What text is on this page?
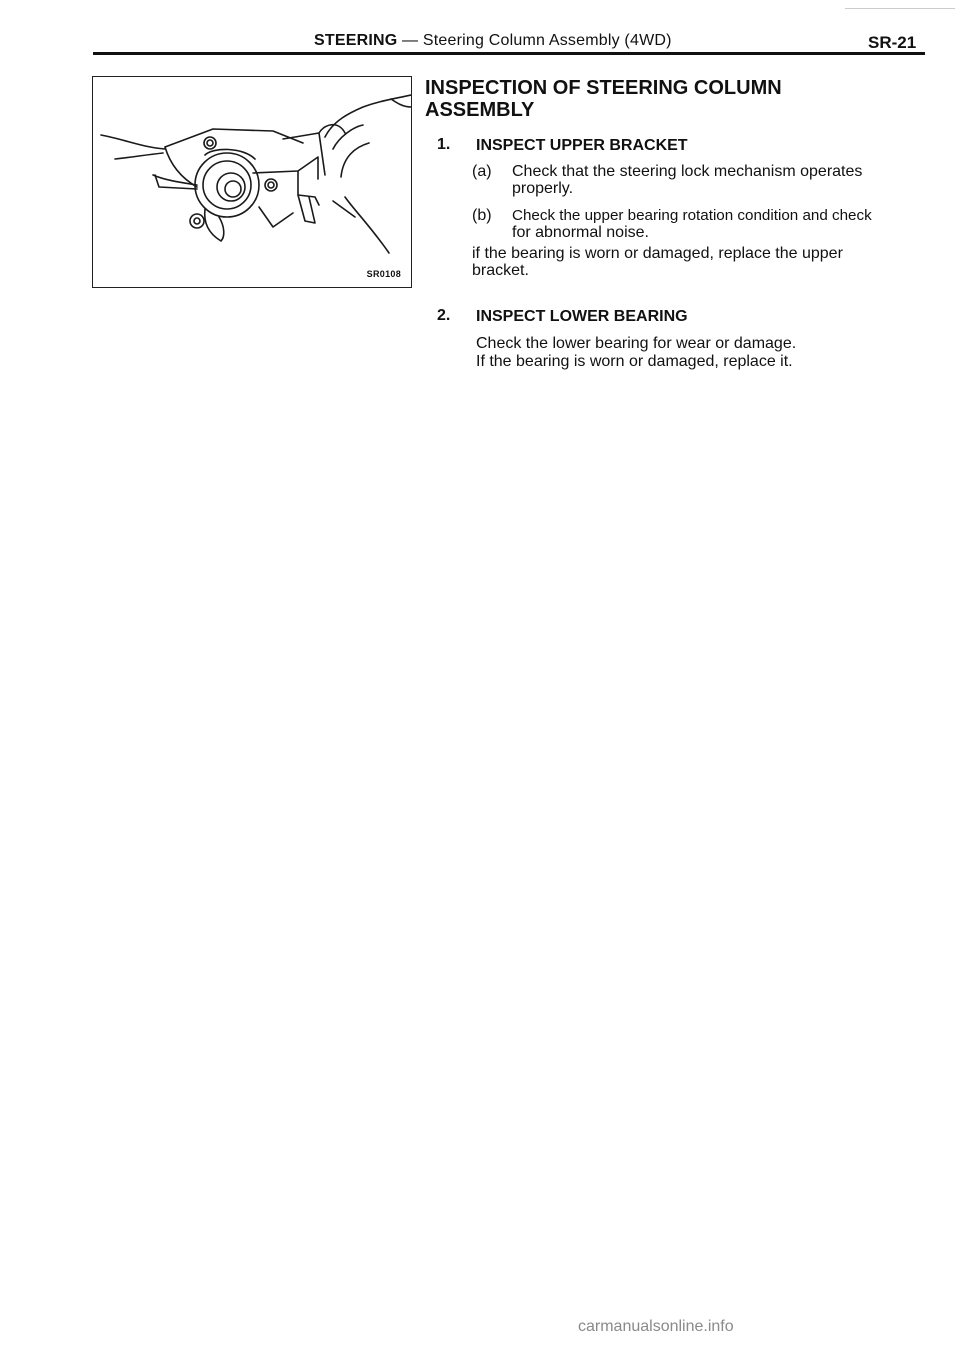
STEERING — Steering Column Assembly (4WD)	SR-21
SR0108
INSPECTION OF STEERING COLUMN
ASSEMBLY
1. INSPECT UPPER BRACKET
(a) Check that the steering lock mechanism operates
properly.
(b) Check the upper bearing rotation condition and check
for abnormal noise.
if the bearing is worn or damaged, replace the upper
bracket.
2. INSPECT LOWER BEARING
Check the lower bearing for wear or damage.
If the bearing is worn or damaged, replace it.
carmanualsonline.info
